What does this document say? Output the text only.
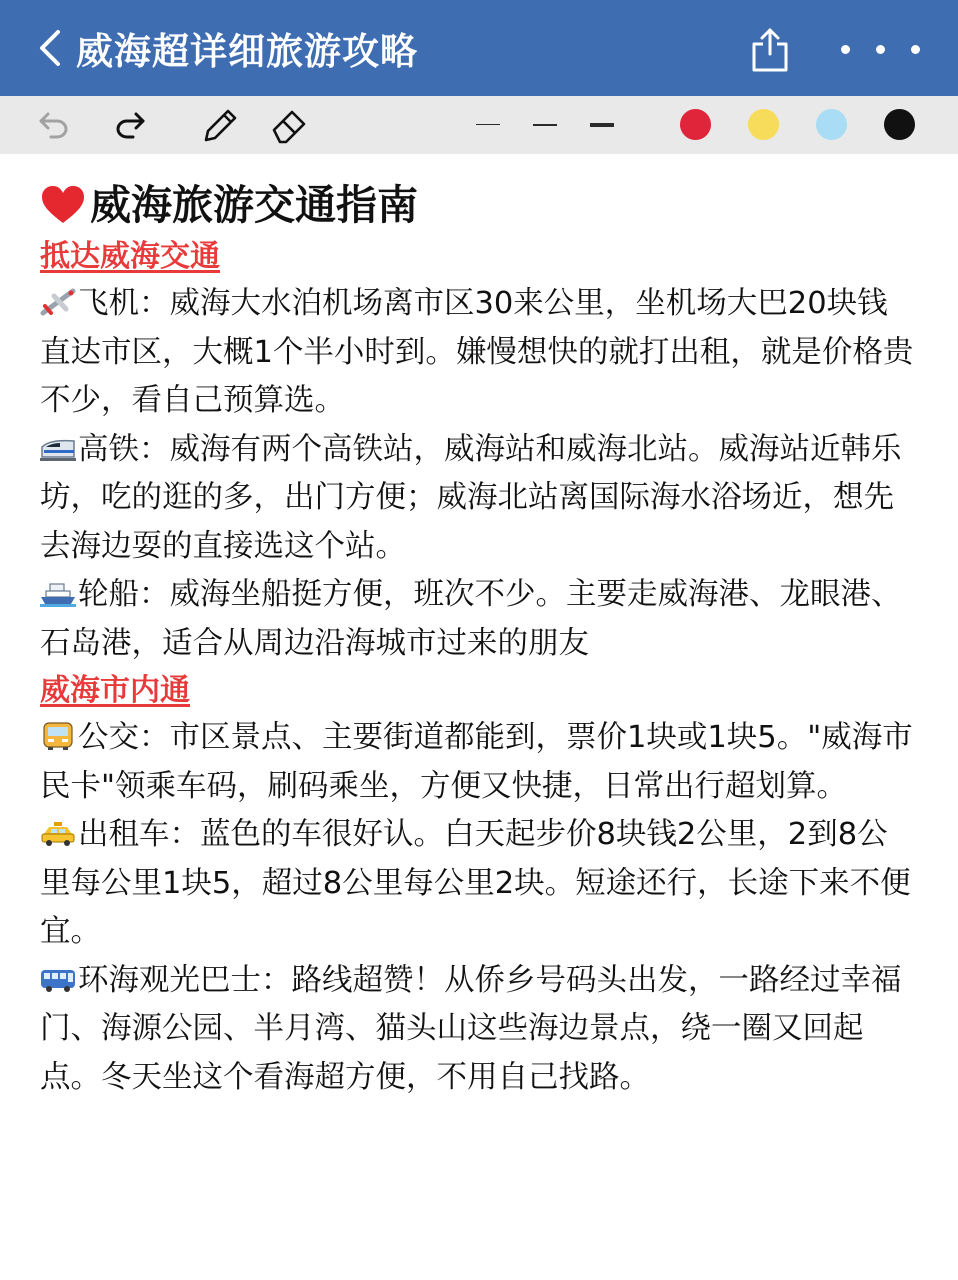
威海超详细旅游攻略
威海旅游交通指南
抵达威海交通
飞机：威海大水泊机场离市区30来公里，坐机场大巴20块钱直达市区，大概1个半小时到。嫌慢想快的就打出租，就是价格贵不少，看自己预算选。
高铁：威海有两个高铁站，威海站和威海北站。威海站近韩乐坊，吃的逛的多，出门方便；威海北站离国际海水浴场近，想先去海边耍的直接选这个站。
轮船：威海坐船挺方便，班次不少。主要走威海港、龙眼港、石岛港，适合从周边沿海城市过来的朋友
威海市内通
公交：市区景点、主要街道都能到，票价1块或1块5。"威海市民卡"领乘车码，刷码乘坐，方便又快捷，日常出行超划算。
出租车：蓝色的车很好认。白天起步价8块钱2公里，2到8公里每公里1块5，超过8公里每公里2块。短途还行，长途下来不便宜。
环海观光巴士：路线超赞！从侨乡号码头出发，一路经过幸福门、海源公园、半月湾、猫头山这些海边景点，绕一圈又回起点。冬天坐这个看海超方便，不用自己找路。
